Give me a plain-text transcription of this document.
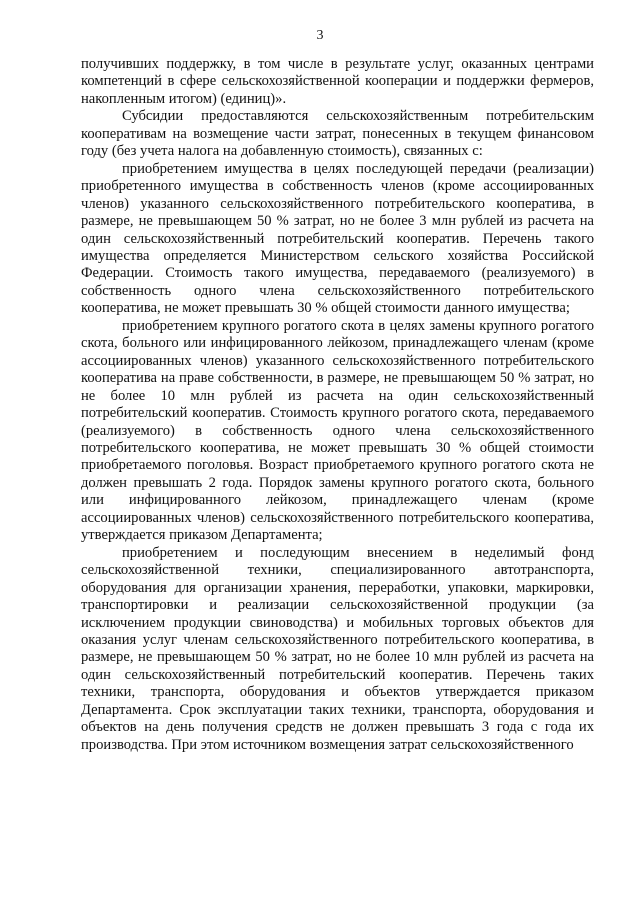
3

получивших поддержку, в том числе в результате услуг, оказанных центрами компетенций в сфере сельскохозяйственной кооперации и поддержки фермеров, накопленным итогом) (единиц)».

Субсидии предоставляются сельскохозяйственным потребительским кооперативам на возмещение части затрат, понесенных в текущем финансовом году (без учета налога на добавленную стоимость), связанных с:

приобретением имущества в целях последующей передачи (реализации) приобретенного имущества в собственность членов (кроме ассоциированных членов) указанного сельскохозяйственного потребительского кооператива, в размере, не превышающем 50 % затрат, но не более 3 млн рублей из расчета на один сельскохозяйственный потребительский кооператив. Перечень такого имущества определяется Министерством сельского хозяйства Российской Федерации. Стоимость такого имущества, передаваемого (реализуемого) в собственность одного члена сельскохозяйственного потребительского кооператива, не может превышать 30 % общей стоимости данного имущества;

приобретением крупного рогатого скота в целях замены крупного рогатого скота, больного или инфицированного лейкозом, принадлежащего членам (кроме ассоциированных членов) указанного сельскохозяйственного потребительского кооператива на праве собственности, в размере, не превышающем 50 % затрат, но не более 10 млн рублей из расчета на один сельскохозяйственный потребительский кооператив. Стоимость крупного рогатого скота, передаваемого (реализуемого) в собственность одного члена сельскохозяйственного потребительского кооператива, не может превышать 30 % общей стоимости приобретаемого поголовья. Возраст приобретаемого крупного рогатого скота не должен превышать 2 года. Порядок замены крупного рогатого скота, больного или инфицированного лейкозом, принадлежащего членам (кроме ассоциированных членов) сельскохозяйственного потребительского кооператива, утверждается приказом Департамента;

приобретением и последующим внесением в неделимый фонд сельскохозяйственной техники, специализированного автотранспорта, оборудования для организации хранения, переработки, упаковки, маркировки, транспортировки и реализации сельскохозяйственной продукции (за исключением продукции свиноводства) и мобильных торговых объектов для оказания услуг членам сельскохозяйственного потребительского кооператива, в размере, не превышающем 50 % затрат, но не более 10 млн рублей из расчета на один сельскохозяйственный потребительский кооператив. Перечень таких техники, транспорта, оборудования и объектов утверждается приказом Департамента. Срок эксплуатации таких техники, транспорта, оборудования и объектов на день получения средств не должен превышать 3 года с года их производства. При этом источником возмещения затрат сельскохозяйственного
